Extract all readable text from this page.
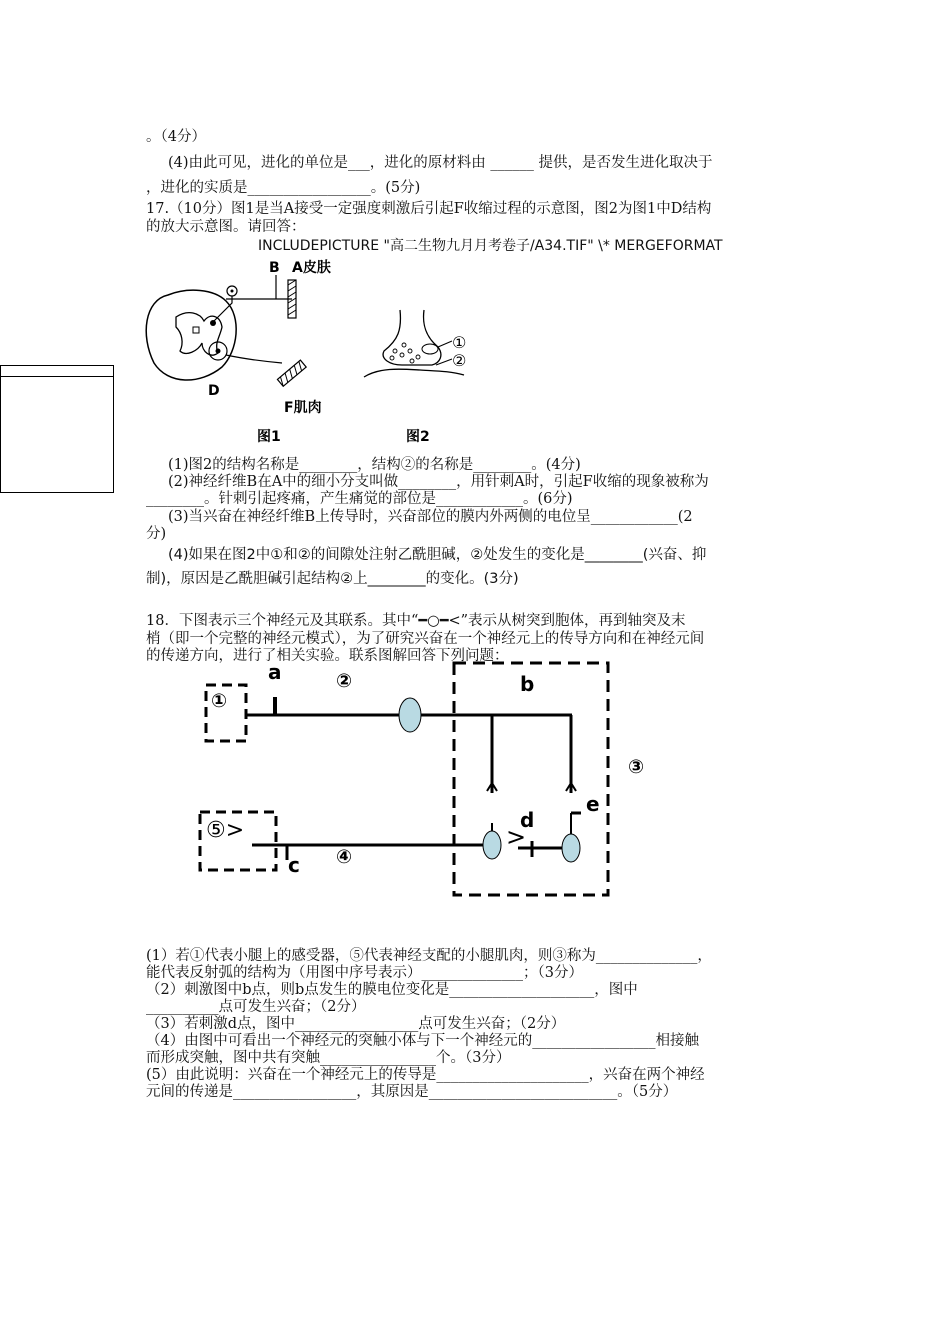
。（4分）
(4)由此可见，进化的单位是___，进化的原材料由 ______ 提供，是否发生进化取决于
，进化的实质是_________________。(5分)
17.（10分）图1是当A接受一定强度刺激后引起F收缩过程的示意图，图2为图1中D结构
的放大示意图。请回答：
INCLUDEPICTURE "高二生物九月月考卷子/A34.TIF" \* MERGEFORMAT
B A皮肤
D
F肌肉
图1	图2
①
②
(1)图2的结构名称是________，结构②的名称是________。(4分)
(2)神经纤维B在A中的细小分支叫做________，用针刺A时，引起F收缩的现象被称为
________。针刺引起疼痛，产生痛觉的部位是____________。(6分)
(3)当兴奋在神经纤维B上传导时，兴奋部位的膜内外两侧的电位呈____________(2
分)
(4)如果在图2中①和②的间隙处注射乙酰胆碱，②处发生的变化是________(兴奋、抑
制)，原因是乙酰胆碱引起结构②上________的变化。(3分)
18．下图表示三个神经元及其联系。其中“━○━<”表示从树突到胞体，再到轴突及末
梢（即一个完整的神经元模式），为了研究兴奋在一个神经元上的传导方向和在神经元间
的传递方向，进行了相关实验。联系图解回答下列问题：
①
②
③
④
⑤>
a	b
c
d
e
>
(1）若①代表小腿上的感受器，⑤代表神经支配的小腿肌肉，则③称为______________，
能代表反射弧的结构为（用图中序号表示）______________；（3分）
（2）刺激图中b点，则b点发生的膜电位变化是____________________，图中
__________点可发生兴奋；（2分）
（3）若刺激d点，图中_________________点可发生兴奋；（2分）
（4）由图中可看出一个神经元的突触小体与下一个神经元的_________________相接触
而形成突触，图中共有突触________________个。（3分）
(5）由此说明：兴奋在一个神经元上的传导是_____________________，兴奋在两个神经
元间的传递是_________________，其原因是__________________________。（5分）
